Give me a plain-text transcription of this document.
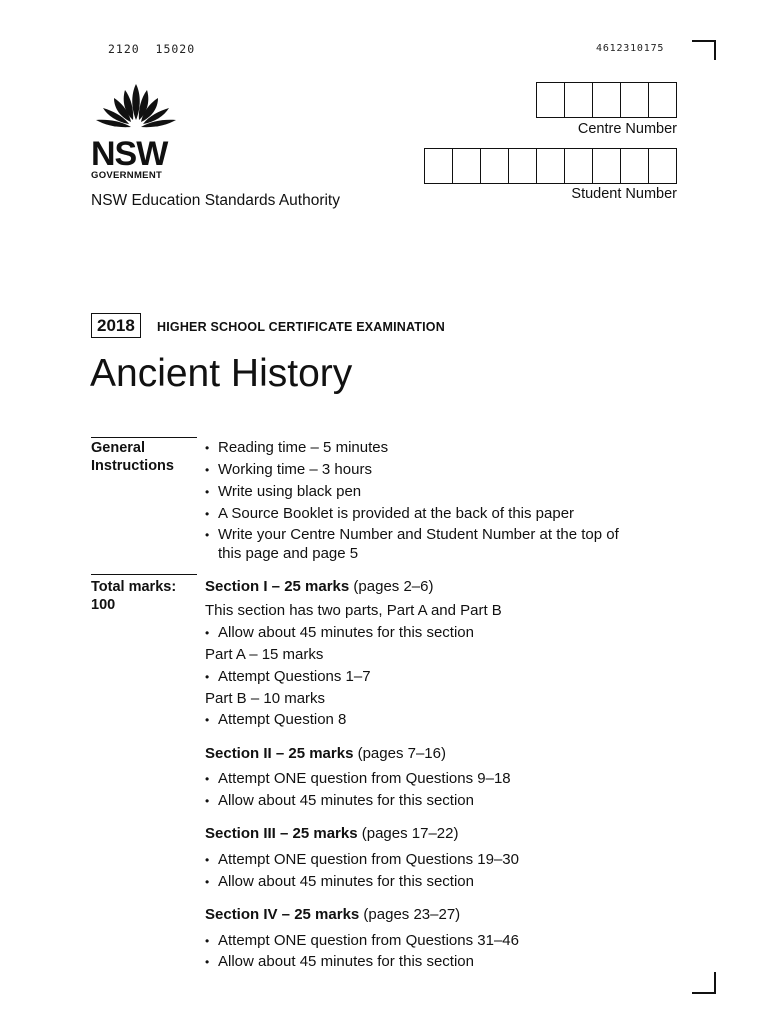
2120  15020	4612310175
NSW
GOVERNMENT
NSW Education Standards Authority
Centre Number
Student Number
2018	HIGHER SCHOOL CERTIFICATE EXAMINATION
Ancient History
General
Instructions
• Reading time – 5 minutes
• Working time – 3 hours
• Write using black pen
• A Source Booklet is provided at the back of this paper
• Write your Centre Number and Student Number at the top of
this page and page 5
Total marks:
100
Section I – 25 marks (pages 2–6)
This section has two parts, Part A and Part B
• Allow about 45 minutes for this section
Part A – 15 marks
• Attempt Questions 1–7
Part B – 10 marks
• Attempt Question 8
Section II – 25 marks (pages 7–16)
• Attempt ONE question from Questions 9–18
• Allow about 45 minutes for this section
Section III – 25 marks (pages 17–22)
• Attempt ONE question from Questions 19–30
• Allow about 45 minutes for this section
Section IV – 25 marks (pages 23–27)
• Attempt ONE question from Questions 31–46
• Allow about 45 minutes for this section
